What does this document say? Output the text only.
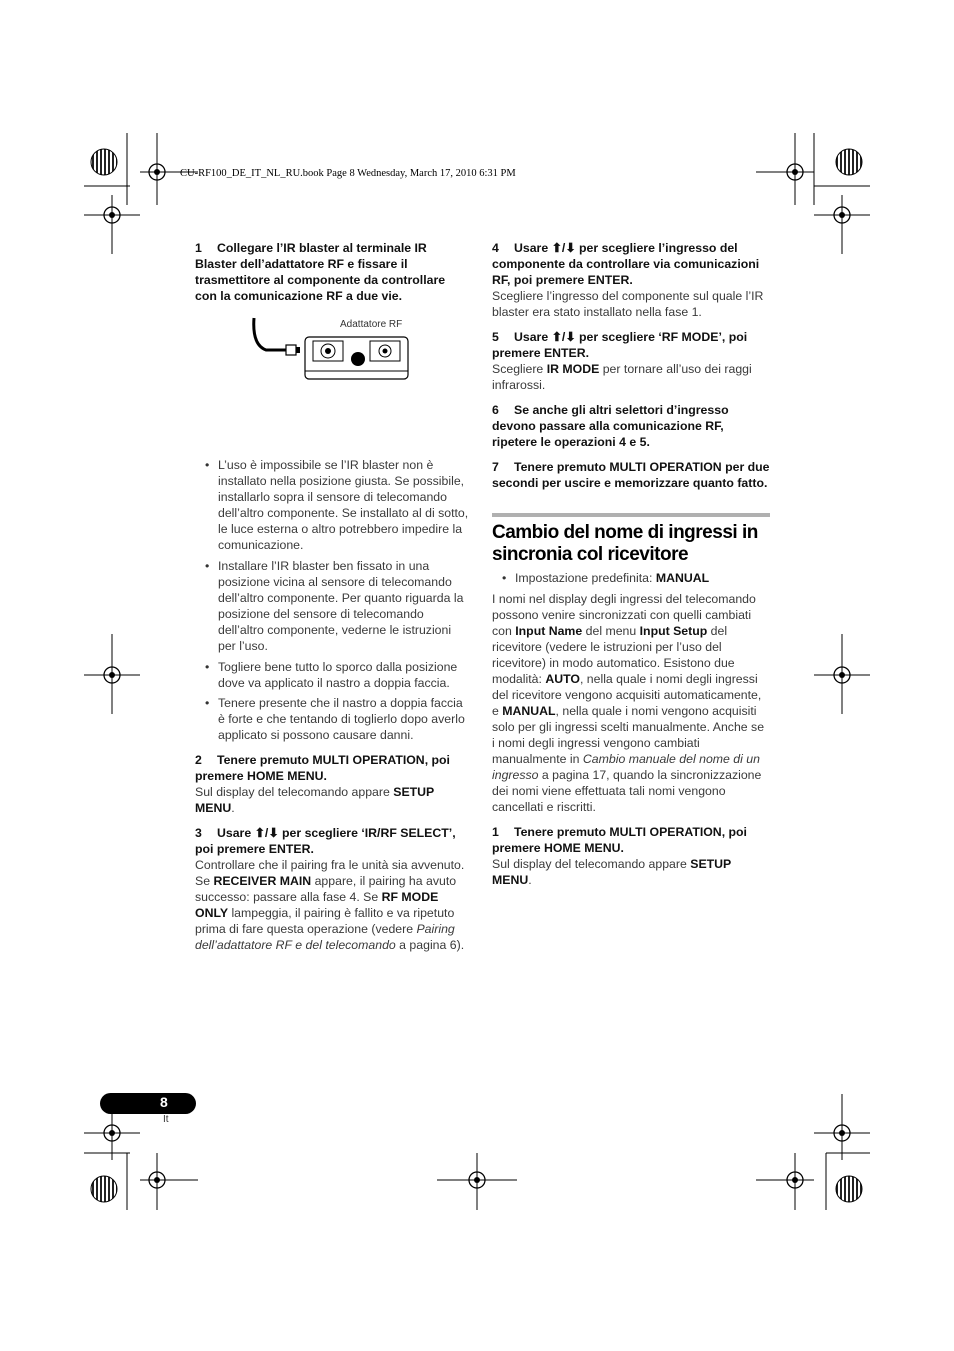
CU-RF100_DE_IT_NL_RU.book Page 8 Wednesday, March 17, 2010 6:31 PM
1 Collegare l’IR blaster al terminale IR Blaster dell’adattatore RF e fissare il trasmettitore al componente da controllare con la comunicazione RF a due vie.
• L’uso è impossibile se l’IR blaster non è installato nella posizione giusta. Se possibile, installarlo sopra il sensore di telecomando dell’altro componente. Se installato al di sotto, le luce esterna o altro potrebbero impedire la comunicazione.
• Installare l’IR blaster ben fissato in una posizione vicina al sensore di telecomando dell’altro componente. Per quanto riguarda la posizione del sensore di telecomando dell’altro componente, vederne le istruzioni per l’uso.
• Togliere bene tutto lo sporco dalla posizione dove va applicato il nastro a doppia faccia.
• Tenere presente che il nastro a doppia faccia è forte e che tentando di toglierlo dopo averlo applicato si possono causare danni.
2 Tenere premuto MULTI OPERATION, poi premere HOME MENU.
Sul display del telecomando appare SETUP MENU.
3 Usare ⬆/⬇ per scegliere ‘IR/RF SELECT’, poi premere ENTER.
Controllare che il pairing fra le unità sia avvenuto. Se RECEIVER MAIN appare, il pairing ha avuto successo: passare alla fase 4. Se RF MODE ONLY lampeggia, il pairing è fallito e va ripetuto prima di fare questa operazione (vedere Pairing dell’adattatore RF e del telecomando a pagina 6).
Adattatore RF
4 Usare ⬆/⬇ per scegliere l’ingresso del componente da controllare via comunicazioni RF, poi premere ENTER.
Scegliere l’ingresso del componente sul quale l’IR blaster era stato installato nella fase 1.
5 Usare ⬆/⬇ per scegliere ‘RF MODE’, poi premere ENTER.
Scegliere IR MODE per tornare all’uso dei raggi infrarossi.
6 Se anche gli altri selettori d’ingresso devono passare alla comunicazione RF, ripetere le operazioni 4 e 5.
7 Tenere premuto MULTI OPERATION per due secondi per uscire e memorizzare quanto fatto.
Cambio del nome di ingressi in sincronia col ricevitore
• Impostazione predefinita: MANUAL
I nomi nel display degli ingressi del telecomando possono venire sincronizzati con quelli cambiati con Input Name del menu Input Setup del ricevitore (vedere le istruzioni per l’uso del ricevitore) in modo automatico. Esistono due modalità: AUTO, nella quale i nomi degli ingressi del ricevitore vengono acquisiti automaticamente, e MANUAL, nella quale i nomi vengono acquisiti solo per gli ingressi scelti manualmente. Anche se i nomi degli ingressi vengono cambiati manualmente in Cambio manuale del nome di un ingresso a pagina 17, quando la sincronizzazione dei nomi viene effettuata tali nomi vengono cancellati e riscritti.
1 Tenere premuto MULTI OPERATION, poi premere HOME MENU.
Sul display del telecomando appare SETUP MENU.
8
It
